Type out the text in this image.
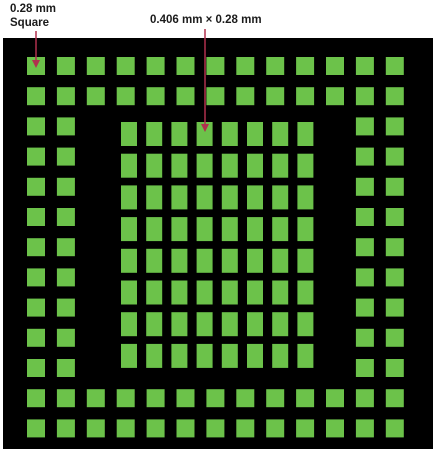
0.28 mm
Square	0.406 mm × 0.28 mm
